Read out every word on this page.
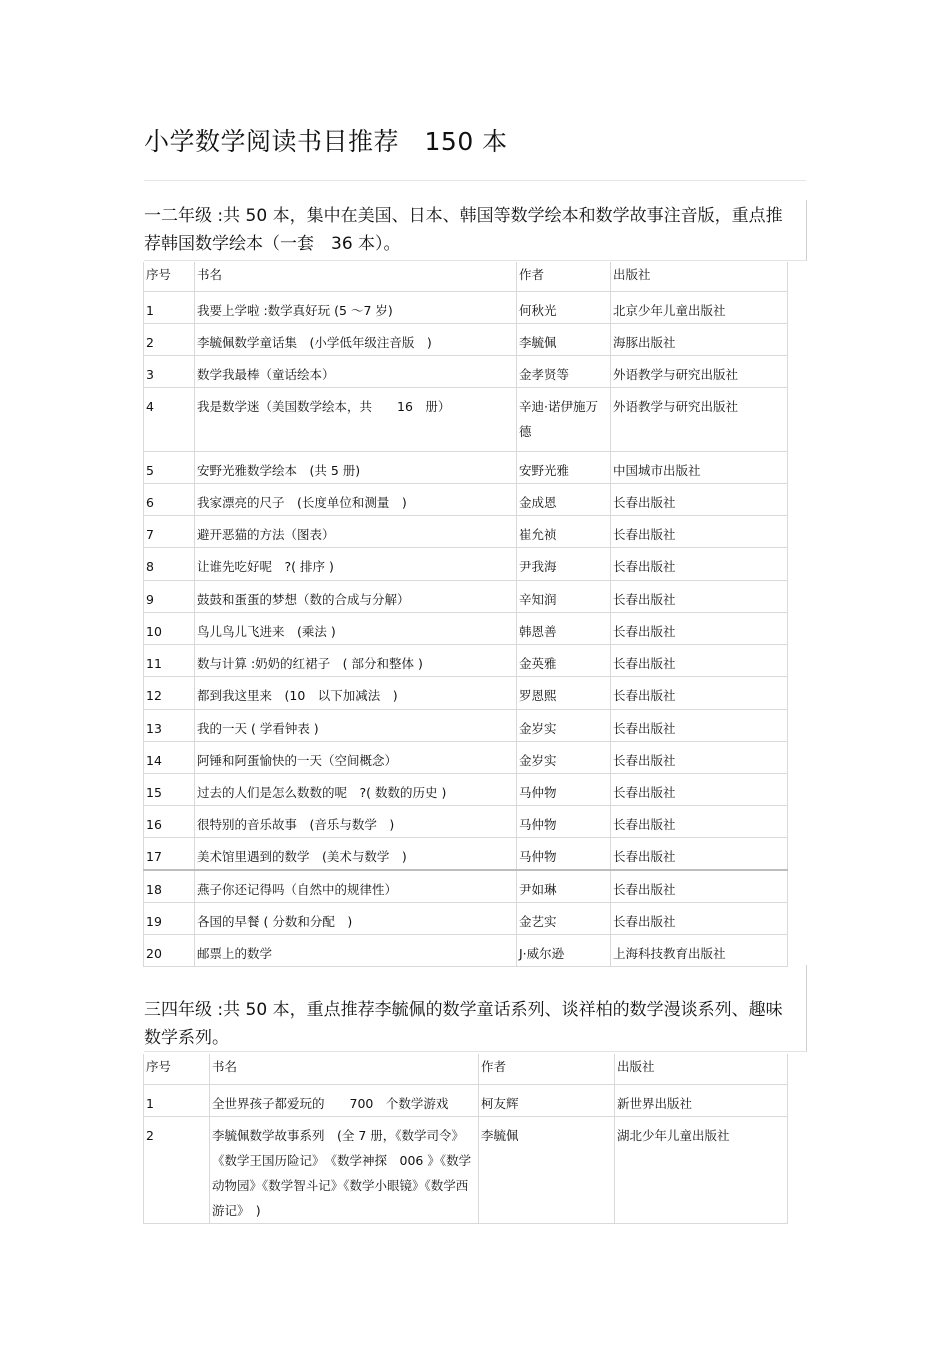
小学数学阅读书目推荐　150 本
一二年级 :共 50 本，集中在美国、日本、韩国等数学绘本和数学故事注音版，重点推荐韩国数学绘本（一套　36 本）。
序号	书名	作者	出版社
1	我要上学啦 :数学真好玩 (5 ～7 岁)	何秋光	北京少年儿童出版社
2	李毓佩数学童话集　(小学低年级注音版　)	李毓佩	海豚出版社
3	数学我最棒（童话绘本）	金孝贤等	外语教学与研究出版社
4	我是数学迷（美国数学绘本，共　　16　册）	辛迪·诺伊施万德	外语教学与研究出版社
5	安野光雅数学绘本　(共 5 册)	安野光雅	中国城市出版社
6	我家漂亮的尺子　(长度单位和测量　)	金成恩	长春出版社
7	避开恶猫的方法（图表）	崔允祯	长春出版社
8	让谁先吃好呢　?( 排序 )	尹我海	长春出版社
9	鼓鼓和蛋蛋的梦想（数的合成与分解）	辛知润	长春出版社
10	鸟儿鸟儿飞进来　(乘法 )	韩恩善	长春出版社
11	数与计算 :奶奶的红裙子　( 部分和整体 )	金英雅	长春出版社
12	都到我这里来　(10　以下加减法　)	罗恩熙	长春出版社
13	我的一天 ( 学看钟表 )	金岁实	长春出版社
14	阿锤和阿蛋愉快的一天（空间概念）	金岁实	长春出版社
15	过去的人们是怎么数数的呢　?( 数数的历史 )	马仲物	长春出版社
16	很特别的音乐故事　(音乐与数学　)	马仲物	长春出版社
17	美术馆里遇到的数学　(美术与数学　)	马仲物	长春出版社
18	燕子你还记得吗（自然中的规律性）	尹如琳	长春出版社
19	各国的早餐 ( 分数和分配　)	金艺实	长春出版社
20	邮票上的数学	J·威尔逊	上海科技教育出版社
三四年级 :共 50 本，重点推荐李毓佩的数学童话系列、谈祥柏的数学漫谈系列、趣味数学系列。
序号	书名	作者	出版社
1	全世界孩子都爱玩的　　700　个数学游戏	柯友辉	新世界出版社
2	李毓佩数学故事系列　(全 7 册，《数学司令》《数学王国历险记》　《数学神探　006 》《数学动物园》《数学智斗记》《数学小眼镜》《数学西游记》　)	李毓佩	湖北少年儿童出版社
